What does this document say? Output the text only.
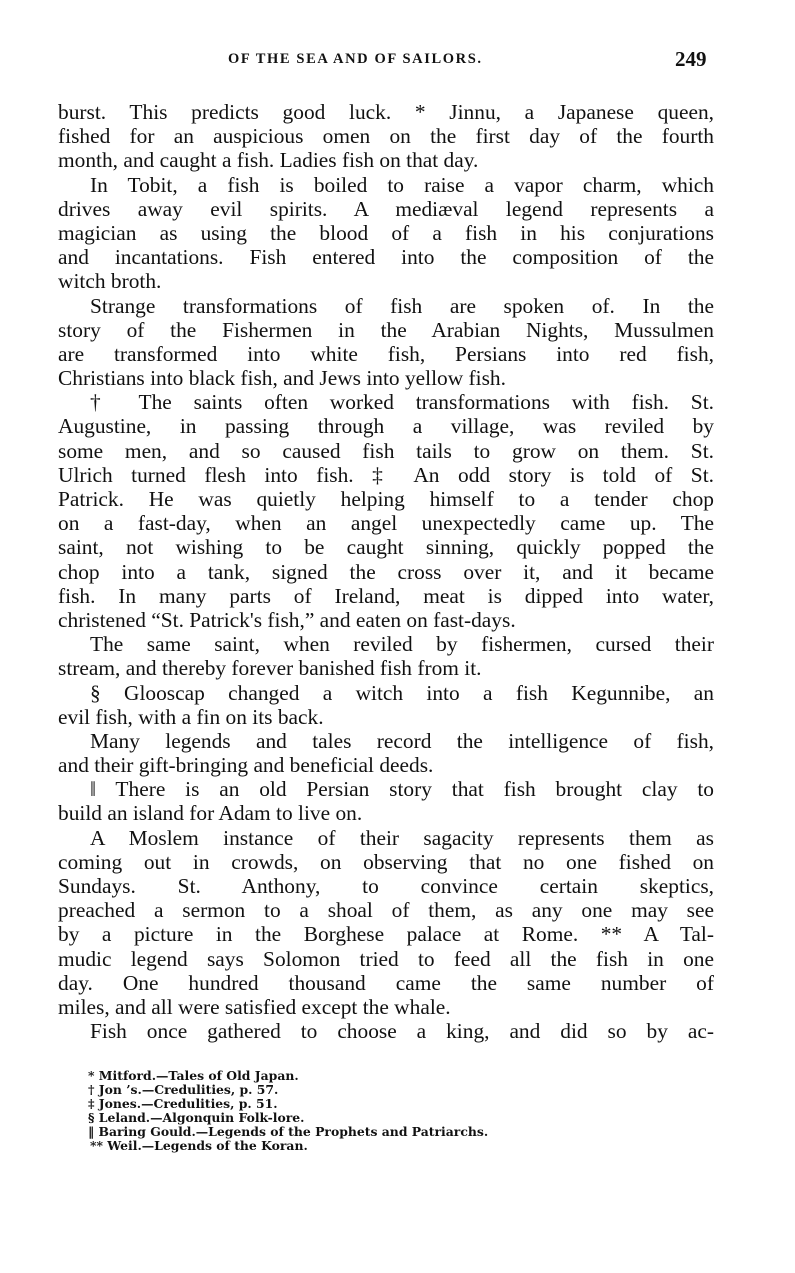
OF THE SEA AND OF SAILORS.	249
burst. This predicts good luck. * Jinnu, a Japanese queen,
fished for an auspicious omen on the first day of the fourth
month, and caught a fish. Ladies fish on that day.
In Tobit, a fish is boiled to raise a vapor charm, which
drives away evil spirits. A mediæval legend represents a
magician as using the blood of a fish in his conjurations
and incantations. Fish entered into the composition of the
witch broth.
Strange transformations of fish are spoken of. In the
story of the Fishermen in the Arabian Nights, Mussulmen
are transformed into white fish, Persians into red fish,
Christians into black fish, and Jews into yellow fish.
† The saints often worked transformations with fish. St.
Augustine, in passing through a village, was reviled by
some men, and so caused fish tails to grow on them. St.
Ulrich turned flesh into fish. ‡ An odd story is told of St.
Patrick. He was quietly helping himself to a tender chop
on a fast-day, when an angel unexpectedly came up. The
saint, not wishing to be caught sinning, quickly popped the
chop into a tank, signed the cross over it, and it became
fish. In many parts of Ireland, meat is dipped into water,
christened “St. Patrick's fish,” and eaten on fast-days.
The same saint, when reviled by fishermen, cursed their
stream, and thereby forever banished fish from it.
§ Glooscap changed a witch into a fish Kegunnibe, an
evil fish, with a fin on its back.
Many legends and tales record the intelligence of fish,
and their gift-bringing and beneficial deeds.
‖ There is an old Persian story that fish brought clay to
build an island for Adam to live on.
A Moslem instance of their sagacity represents them as
coming out in crowds, on observing that no one fished on
Sundays. St. Anthony, to convince certain skeptics,
preached a sermon to a shoal of them, as any one may see
by a picture in the Borghese palace at Rome. ** A Tal-
mudic legend says Solomon tried to feed all the fish in one
day. One hundred thousand came the same number of
miles, and all were satisfied except the whale.
Fish once gathered to choose a king, and did so by ac-
* Mitford.—Tales of Old Japan.
† Jon ’s.—Credulities, p. 57.
‡ Jones.—Credulities, p. 51.
§ Leland.—Algonquin Folk-lore.
‖ Baring Gould.—Legends of the Prophets and Patriarchs.
** Weil.—Legends of the Koran.
